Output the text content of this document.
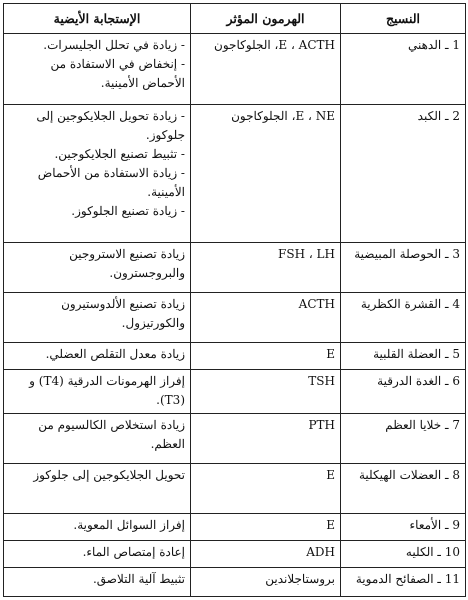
النسيج	الهرمون المؤثر	الإستجابة الأيضية
1 ـ الدهني	E ، ACTH، الجلوكاجون	- زيادة في تحلل الجليسرات.
- إنخفاض في الاستفادة من الأحماض الأمينية.

2 ـ الكبد	E ، NE، الجلوكاجون	- زيادة تحويل الجلايكوجين إلى جلوكوز.
- تثبيط تصنيع الجلايكوجين.
- زيادة الاستفادة من الأحماض الأمينية.
- زيادة تصنيع الجلوكوز.

3 ـ الحوصلة المبيضية	FSH ، LH	زيادة تصنيع الاستروجين والبروجسترون.

4 ـ القشرة الكظرية	ACTH	زيادة تصنيع الألدوستيرون والكورتيزول.

5 ـ العضلة القلبية	E	زيادة معدل التقلص العضلي.

6 ـ الغدة الدرقية	TSH	إفراز الهرمونات الدرقية (T4) و (T3).

7 ـ خلايا العظم	PTH	زيادة استخلاص الكالسيوم من العظم.

8 ـ العضلات الهيكلية	E	تحويل الجلايكوجين إلى جلوكوز

9 ـ الأمعاء	E	إفراز السوائل المعوية.

10 ـ الكليه	ADH	إعادة إمتصاص الماء.

11 ـ الصفائح الدموية	بروستاجلاندين	تثبيط آلية التلاصق.
